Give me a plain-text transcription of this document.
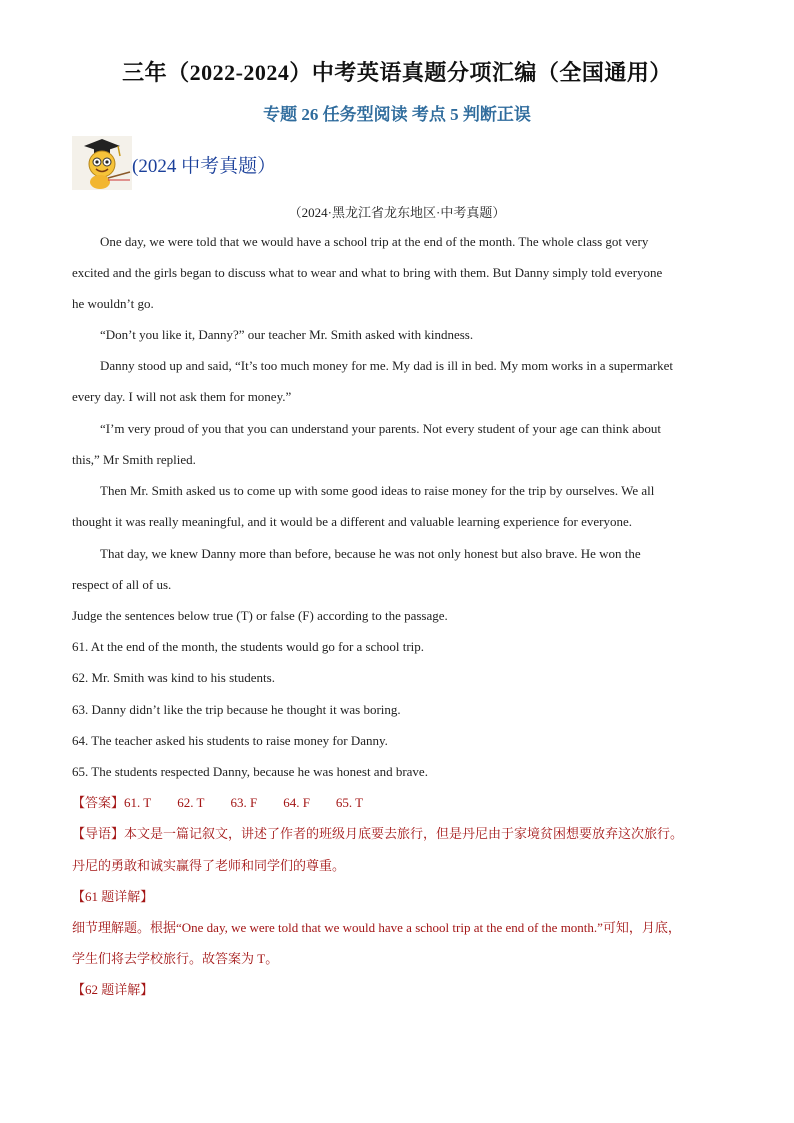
三年（2022-2024）中考英语真题分项汇编（全国通用）
专题 26 任务型阅读 考点 5 判断正误
(2024 中考真题）
（2024·黑龙江省龙东地区·中考真题）
One day, we were told that we would have a school trip at the end of the month. The whole class got very
excited and the girls began to discuss what to wear and what to bring with them. But Danny simply told everyone
he wouldn’t go.
“Don’t you like it, Danny?” our teacher Mr. Smith asked with kindness.
Danny stood up and said, “It’s too much money for me. My dad is ill in bed. My mom works in a supermarket
every day. I will not ask them for money.”
“I’m very proud of you that you can understand your parents. Not every student of your age can think about
this,” Mr Smith replied.
Then Mr. Smith asked us to come up with some good ideas to raise money for the trip by ourselves. We all
thought it was really meaningful, and it would be a different and valuable learning experience for everyone.
That day, we knew Danny more than before, because he was not only honest but also brave. He won the
respect of all of us.
Judge the sentences below true (T) or false (F) according to the passage.
61. At the end of the month, the students would go for a school trip.
62. Mr. Smith was kind to his students.
63. Danny didn’t like the trip because he thought it was boring.
64. The teacher asked his students to raise money for Danny.
65. The students respected Danny, because he was honest and brave.
【答案】61. T 62. T 63. F 64. F 65. T
【导语】本文是一篇记叙文，讲述了作者的班级月底要去旅行，但是丹尼由于家境贫困想要放弃这次旅行。
丹尼的勇敢和诚实赢得了老师和同学们的尊重。
【61 题详解】
细节理解题。根据“One day, we were told that we would have a school trip at the end of the month.”可知，月底，
学生们将去学校旅行。故答案为 T。
【62 题详解】
